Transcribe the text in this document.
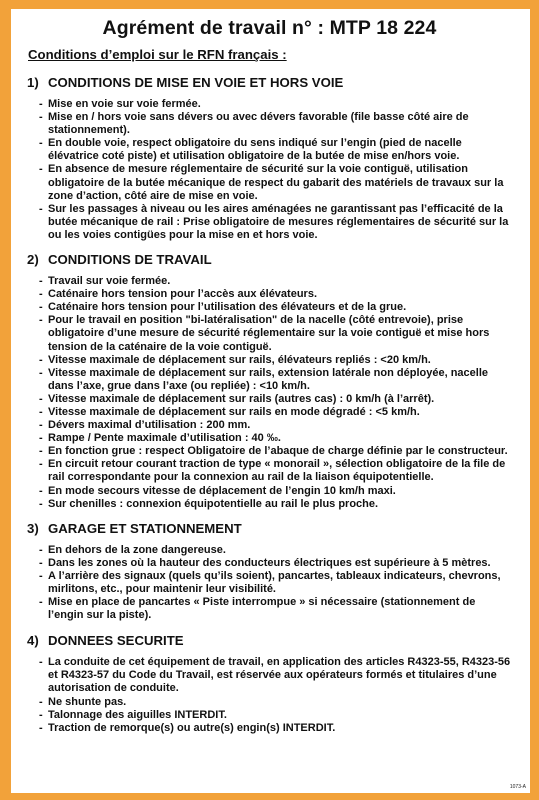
Agrément de travail n° : MTP 18 224
Conditions d’emploi sur le RFN français :
1) CONDITIONS DE MISE EN VOIE ET HORS VOIE
- Mise en voie sur voie fermée.
- Mise en / hors voie sans dévers ou avec dévers favorable (file basse côté aire de stationnement).
- En double voie, respect obligatoire du sens indiqué sur l’engin (pied de nacelle élévatrice coté piste) et utilisation obligatoire de la butée de mise en/hors voie.
- En absence de mesure réglementaire de sécurité sur la voie contiguë, utilisation obligatoire de la butée mécanique de respect du gabarit des matériels de travaux sur la zone d’action, côté aire de mise en voie.
- Sur les passages à niveau ou les aires aménagées ne garantissant pas l’efficacité de la butée mécanique de rail : Prise obligatoire de mesures réglementaires de sécurité sur la ou les voies contigües pour la mise en et hors voie.
2) CONDITIONS DE TRAVAIL
- Travail sur voie fermée.
- Caténaire hors tension pour l’accès aux élévateurs.
- Caténaire hors tension pour l’utilisation des élévateurs et de la grue.
- Pour le travail en position "bi-latéralisation" de la nacelle (côté entrevoie), prise obligatoire d’une mesure de sécurité réglementaire sur la voie contiguë et mise hors tension de la caténaire de la voie contiguë.
- Vitesse maximale de déplacement sur rails, élévateurs repliés : <20 km/h.
- Vitesse maximale de déplacement sur rails, extension latérale non déployée, nacelle dans l’axe, grue dans l’axe (ou repliée) : <10 km/h.
- Vitesse maximale de déplacement sur rails (autres cas) : 0 km/h (à l’arrêt).
- Vitesse maximale de déplacement sur rails en mode dégradé : <5 km/h.
- Dévers maximal d’utilisation : 200 mm.
- Rampe / Pente maximale d’utilisation : 40 ‰.
- En fonction grue : respect Obligatoire de l’abaque de charge définie par le constructeur.
- En circuit retour courant traction de type « monorail », sélection obligatoire de la file de rail correspondante pour la connexion au rail de la liaison équipotentielle.
- En mode secours vitesse de déplacement de l’engin 10 km/h maxi.
- Sur chenilles : connexion équipotentielle au rail le plus proche.
3) GARAGE ET STATIONNEMENT
- En dehors de la zone dangereuse.
- Dans les zones où la hauteur des conducteurs électriques est supérieure à 5 mètres.
- A l’arrière des signaux (quels qu’ils soient), pancartes, tableaux indicateurs, chevrons, mirlitons, etc., pour maintenir leur visibilité.
- Mise en place de pancartes « Piste interrompue » si nécessaire (stationnement de l’engin sur la piste).
4) DONNEES SECURITE
- La conduite de cet équipement de travail, en application des articles R4323-55, R4323-56 et R4323-57 du Code du Travail, est réservée aux opérateurs formés et titulaires d’une autorisation de conduite.
- Ne shunte pas.
- Talonnage des aiguilles INTERDIT.
- Traction de remorque(s) ou autre(s) engin(s) INTERDIT.
1073-A
